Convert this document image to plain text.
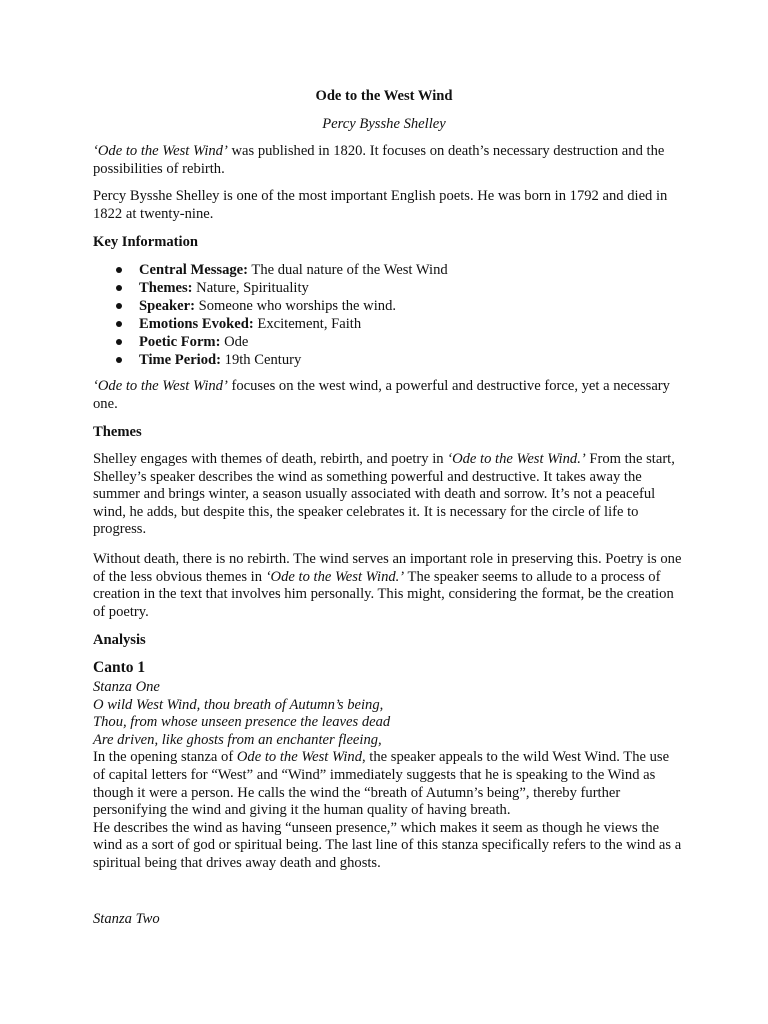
Ode to the West Wind

Percy Bysshe Shelley

‘Ode to the West Wind’ was published in 1820. It focuses on death’s necessary destruction and the possibilities of rebirth.

Percy Bysshe Shelley is one of the most important English poets. He was born in 1792 and died in 1822 at twenty-nine.

Key Information

Central Message: The dual nature of the West Wind
Themes: Nature, Spirituality
Speaker: Someone who worships the wind.
Emotions Evoked: Excitement, Faith
Poetic Form: Ode
Time Period: 19th Century

‘Ode to the West Wind’ focuses on the west wind, a powerful and destructive force, yet a necessary one.

Themes

Shelley engages with themes of death, rebirth, and poetry in ‘Ode to the West Wind.’ From the start, Shelley’s speaker describes the wind as something powerful and destructive. It takes away the summer and brings winter, a season usually associated with death and sorrow. It’s not a peaceful wind, he adds, but despite this, the speaker celebrates it. It is necessary for the circle of life to progress.

Without death, there is no rebirth. The wind serves an important role in preserving this. Poetry is one of the less obvious themes in ‘Ode to the West Wind.’ The speaker seems to allude to a process of creation in the text that involves him personally. This might, considering the format, be the creation of poetry.

Analysis

Canto 1

Stanza One
O wild West Wind, thou breath of Autumn’s being,
Thou, from whose unseen presence the leaves dead
Are driven, like ghosts from an enchanter fleeing,
In the opening stanza of Ode to the West Wind, the speaker appeals to the wild West Wind. The use of capital letters for “West” and “Wind” immediately suggests that he is speaking to the Wind as though it were a person. He calls the wind the “breath of Autumn’s being”, thereby further personifying the wind and giving it the human quality of having breath.
He describes the wind as having “unseen presence,” which makes it seem as though he views the wind as a sort of god or spiritual being. The last line of this stanza specifically refers to the wind as a spiritual being that drives away death and ghosts.

Stanza Two
